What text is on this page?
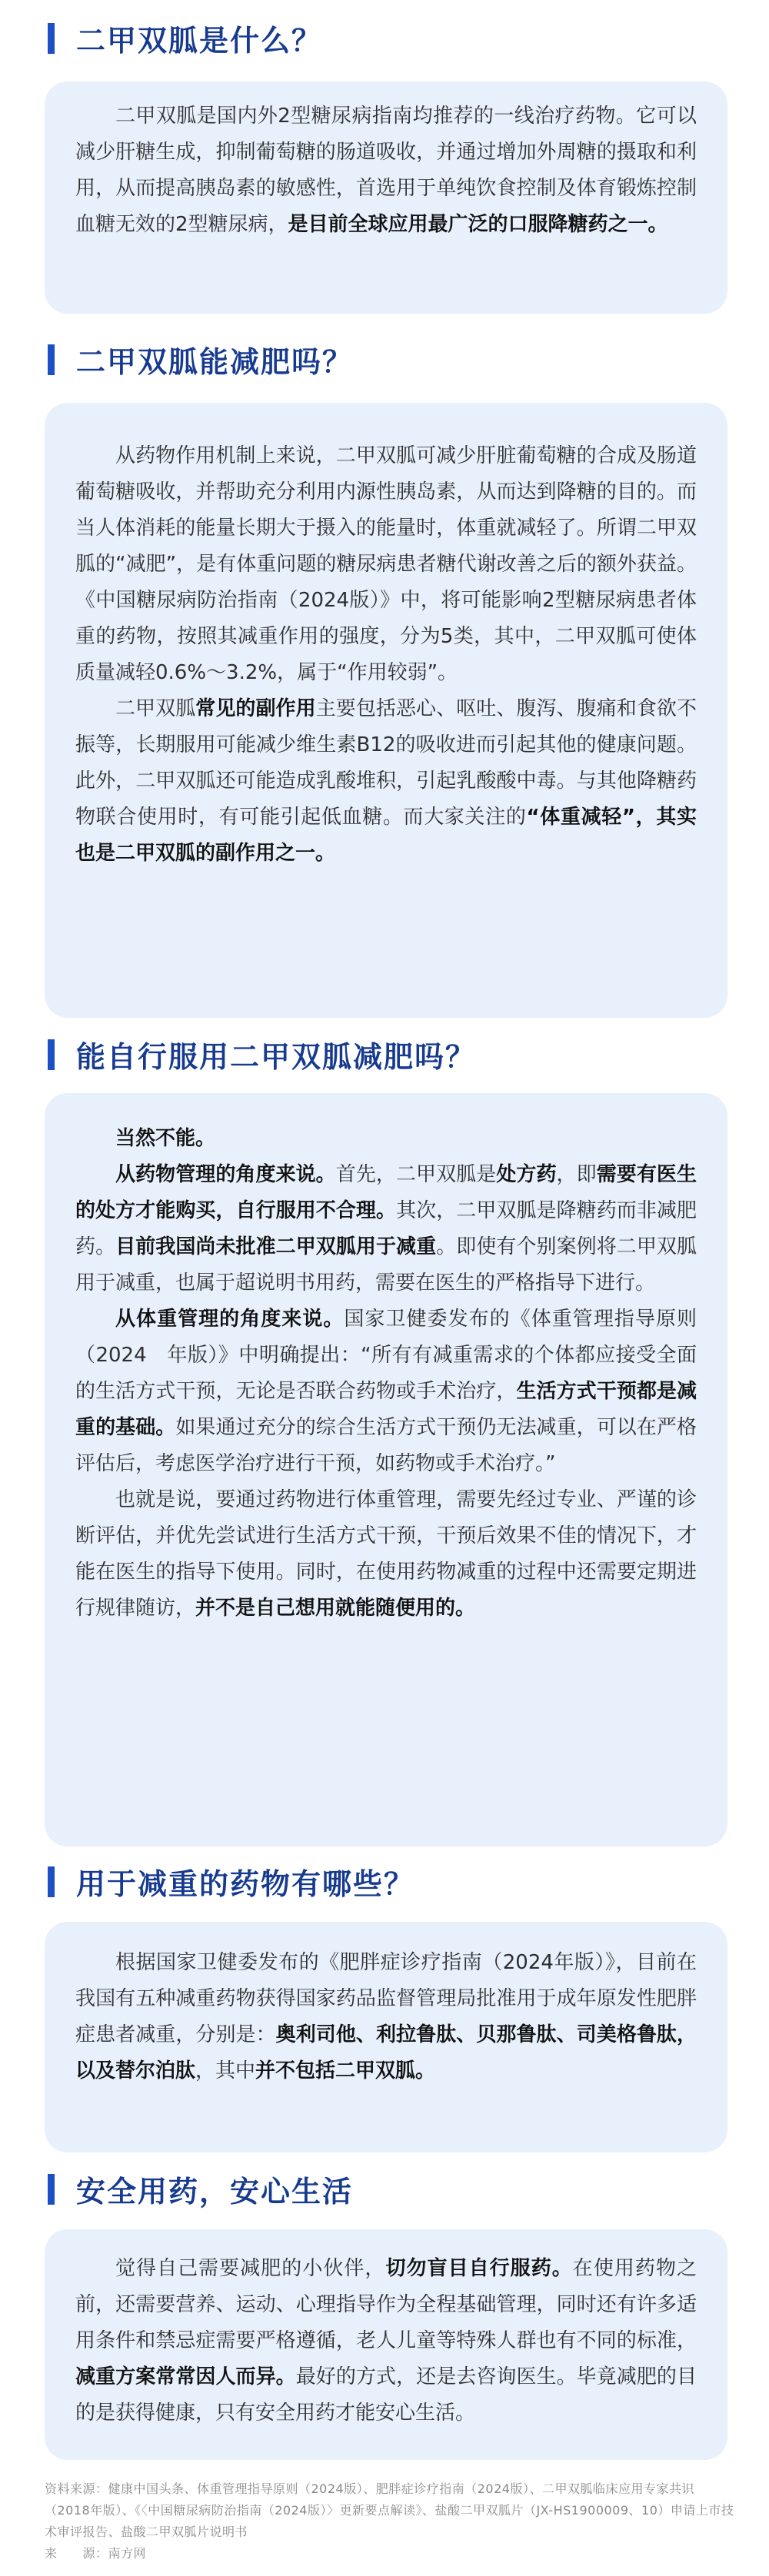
二甲双胍是什么？

二甲双胍是国内外2型糖尿病指南均推荐的一线治疗药物。它可以减少肝糖生成，抑制葡萄糖的肠道吸收，并通过增加外周糖的摄取和利用，从而提高胰岛素的敏感性，首选用于单纯饮食控制及体育锻炼控制血糖无效的2型糖尿病，是目前全球应用最广泛的口服降糖药之一。

二甲双胍能减肥吗？

从药物作用机制上来说，二甲双胍可减少肝脏葡萄糖的合成及肠道葡萄糖吸收，并帮助充分利用内源性胰岛素，从而达到降糖的目的。而当人体消耗的能量长期大于摄入的能量时，体重就减轻了。所谓二甲双胍的“减肥”，是有体重问题的糖尿病患者糖代谢改善之后的额外获益。《中国糖尿病防治指南（2024版）》中，将可能影响2型糖尿病患者体重的药物，按照其减重作用的强度，分为5类，其中，二甲双胍可使体质量减轻0.6%～3.2%，属于“作用较弱”。

二甲双胍常见的副作用主要包括恶心、呕吐、腹泻、腹痛和食欲不振等，长期服用可能减少维生素B12的吸收进而引起其他的健康问题。此外，二甲双胍还可能造成乳酸堆积，引起乳酸酸中毒。与其他降糖药物联合使用时，有可能引起低血糖。而大家关注的“体重减轻”，其实也是二甲双胍的副作用之一。

能自行服用二甲双胍减肥吗？

当然不能。

从药物管理的角度来说。首先，二甲双胍是处方药，即需要有医生的处方才能购买，自行服用不合理。其次，二甲双胍是降糖药而非减肥药。目前我国尚未批准二甲双胍用于减重。即使有个别案例将二甲双胍用于减重，也属于超说明书用药，需要在医生的严格指导下进行。

从体重管理的角度来说。国家卫健委发布的《体重管理指导原则（2024　年版）》中明确提出：“所有有减重需求的个体都应接受全面的生活方式干预，无论是否联合药物或手术治疗，生活方式干预都是减重的基础。如果通过充分的综合生活方式干预仍无法减重，可以在严格评估后，考虑医学治疗进行干预，如药物或手术治疗。”

也就是说，要通过药物进行体重管理，需要先经过专业、严谨的诊断评估，并优先尝试进行生活方式干预，干预后效果不佳的情况下，才能在医生的指导下使用。同时，在使用药物减重的过程中还需要定期进行规律随访，并不是自己想用就能随便用的。

用于减重的药物有哪些？

根据国家卫健委发布的《肥胖症诊疗指南（2024年版）》，目前在我国有五种减重药物获得国家药品监督管理局批准用于成年原发性肥胖症患者减重，分别是：奥利司他、利拉鲁肽、贝那鲁肽、司美格鲁肽，以及替尔泊肽，其中并不包括二甲双胍。

安全用药，安心生活

觉得自己需要减肥的小伙伴，切勿盲目自行服药。在使用药物之前，还需要营养、运动、心理指导作为全程基础管理，同时还有许多适用条件和禁忌症需要严格遵循，老人儿童等特殊人群也有不同的标准，减重方案常常因人而异。最好的方式，还是去咨询医生。毕竟减肥的目的是获得健康，只有安全用药才能安心生活。

资料来源：健康中国头条、体重管理指导原则（2024版）、肥胖症诊疗指南（2024版）、二甲双胍临床应用专家共识（2018年版）、《〈中国糖尿病防治指南（2024版）〉更新要点解读》、盐酸二甲双胍片（JX-HS1900009、10）申请上市技术审评报告、盐酸二甲双胍片说明书
来　　源：南方网
